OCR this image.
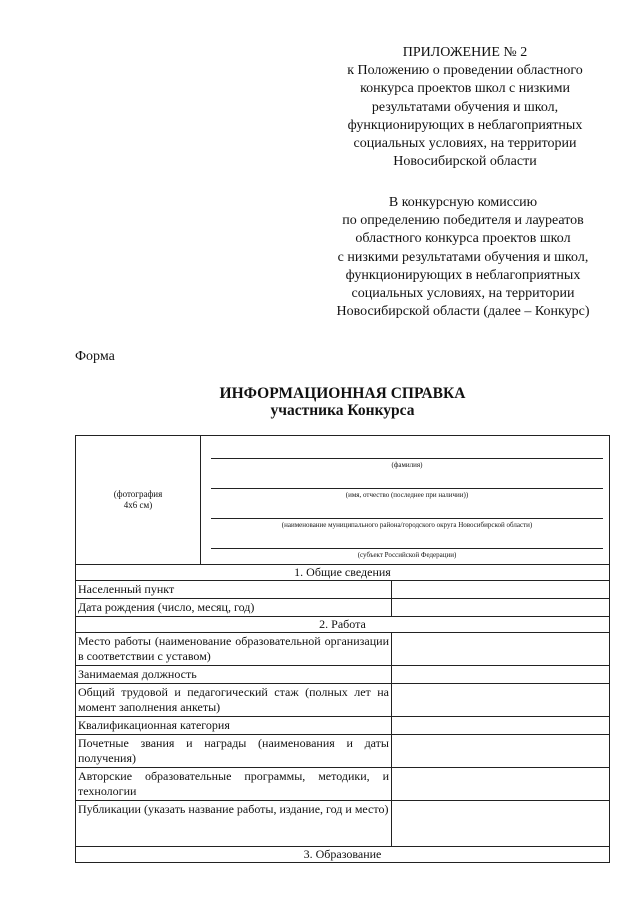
ПРИЛОЖЕНИЕ № 2
к Положению о проведении областного
конкурса проектов школ с низкими
результатами обучения и школ,
функционирующих в неблагоприятных
социальных условиях, на территории
Новосибирской области
В конкурсную комиссию
по определению победителя и лауреатов
областного конкурса проектов школ
с низкими результатами обучения и школ,
функционирующих в неблагоприятных
социальных условиях, на территории
Новосибирской области (далее – Конкурс)
Форма
ИНФОРМАЦИОННАЯ СПРАВКА
участника Конкурса
(фотография
4х6 см)

(фамилия)
(имя, отчество (последнее при наличии))
(наименование муниципального района/городского округа Новосибирской области)
(субъект Российской Федерации)
1. Общие сведения	
Населенный пункт	
Дата рождения (число, месяц, год)	
2. Работа	
Место работы (наименование образовательной организации в соответствии с уставом)	
Занимаемая должность	
Общий трудовой и педагогический стаж (полных лет на момент заполнения анкеты)	
Квалификационная категория	
Почетные звания и награды (наименования и даты получения)	
Авторские образовательные программы, методики, и технологии	
Публикации (указать название работы, издание, год и место)	
3. Образование	
